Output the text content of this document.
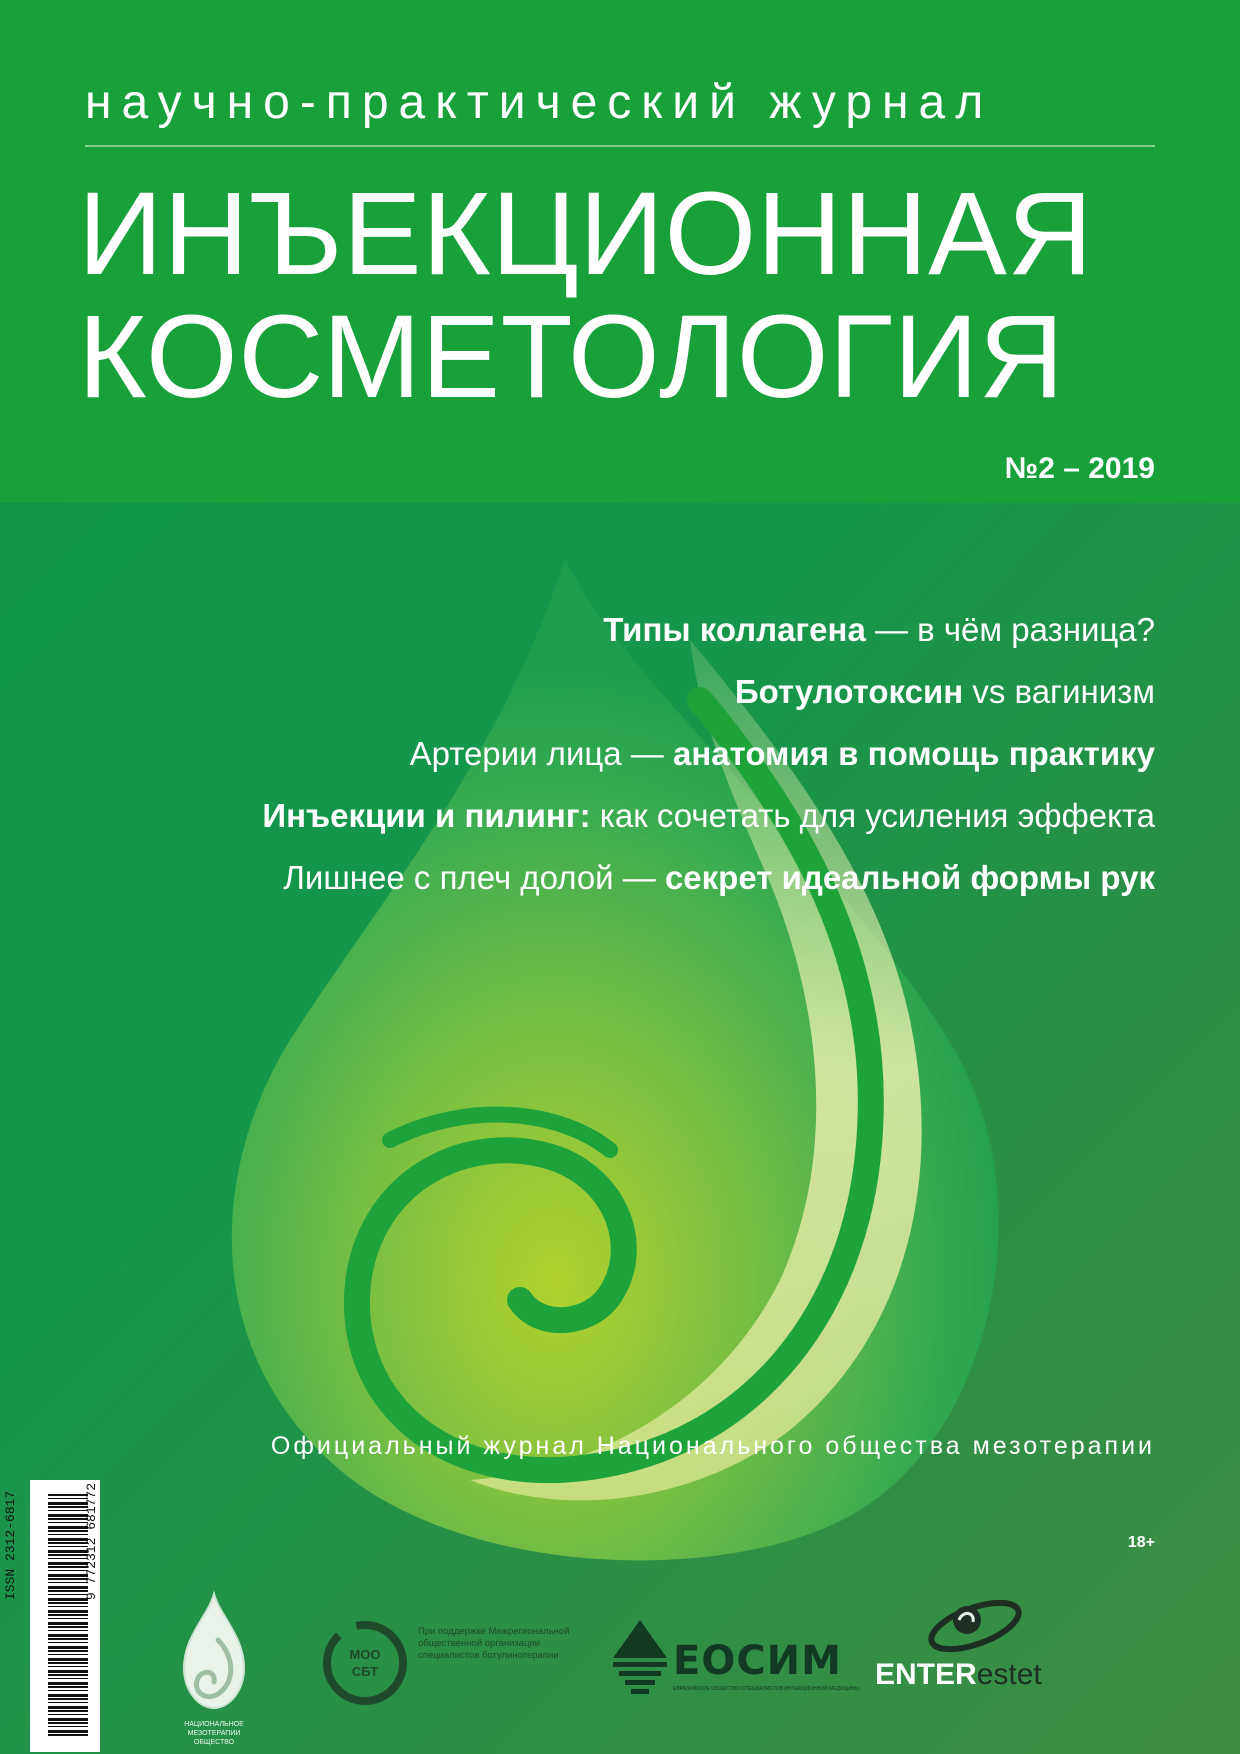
научно-практический журнал
ИНЪЕКЦИОННАЯ
КОСМЕТОЛОГИЯ
№2 – 2019
Типы коллагена — в чём разница?
Ботулотоксин vs вагинизм
Артерии лица — анатомия в помощь практику
Инъекции и пилинг: как сочетать для усиления эффекта
Лишнее с плеч долой — секрет идеальной формы рук
Официальный журнал Национального общества мезотерапии
18+
ISSN 2312-6817	9 772312 681772
НАЦИОНАЛЬНОЕ МЕЗОТЕРАПИИ ОБЩЕСТВО
МОО
СБТ
При поддержке Межрегиональной общественной организации специалистов ботулинотерапии	ЕОСИМ
ЕВРАЗИЙСКОЕ ОБЩЕСТВО СПЕЦИАЛИСТОВ ИНЪЕКЦИОННОЙ МЕДИЦИНЫ ENTERestet
